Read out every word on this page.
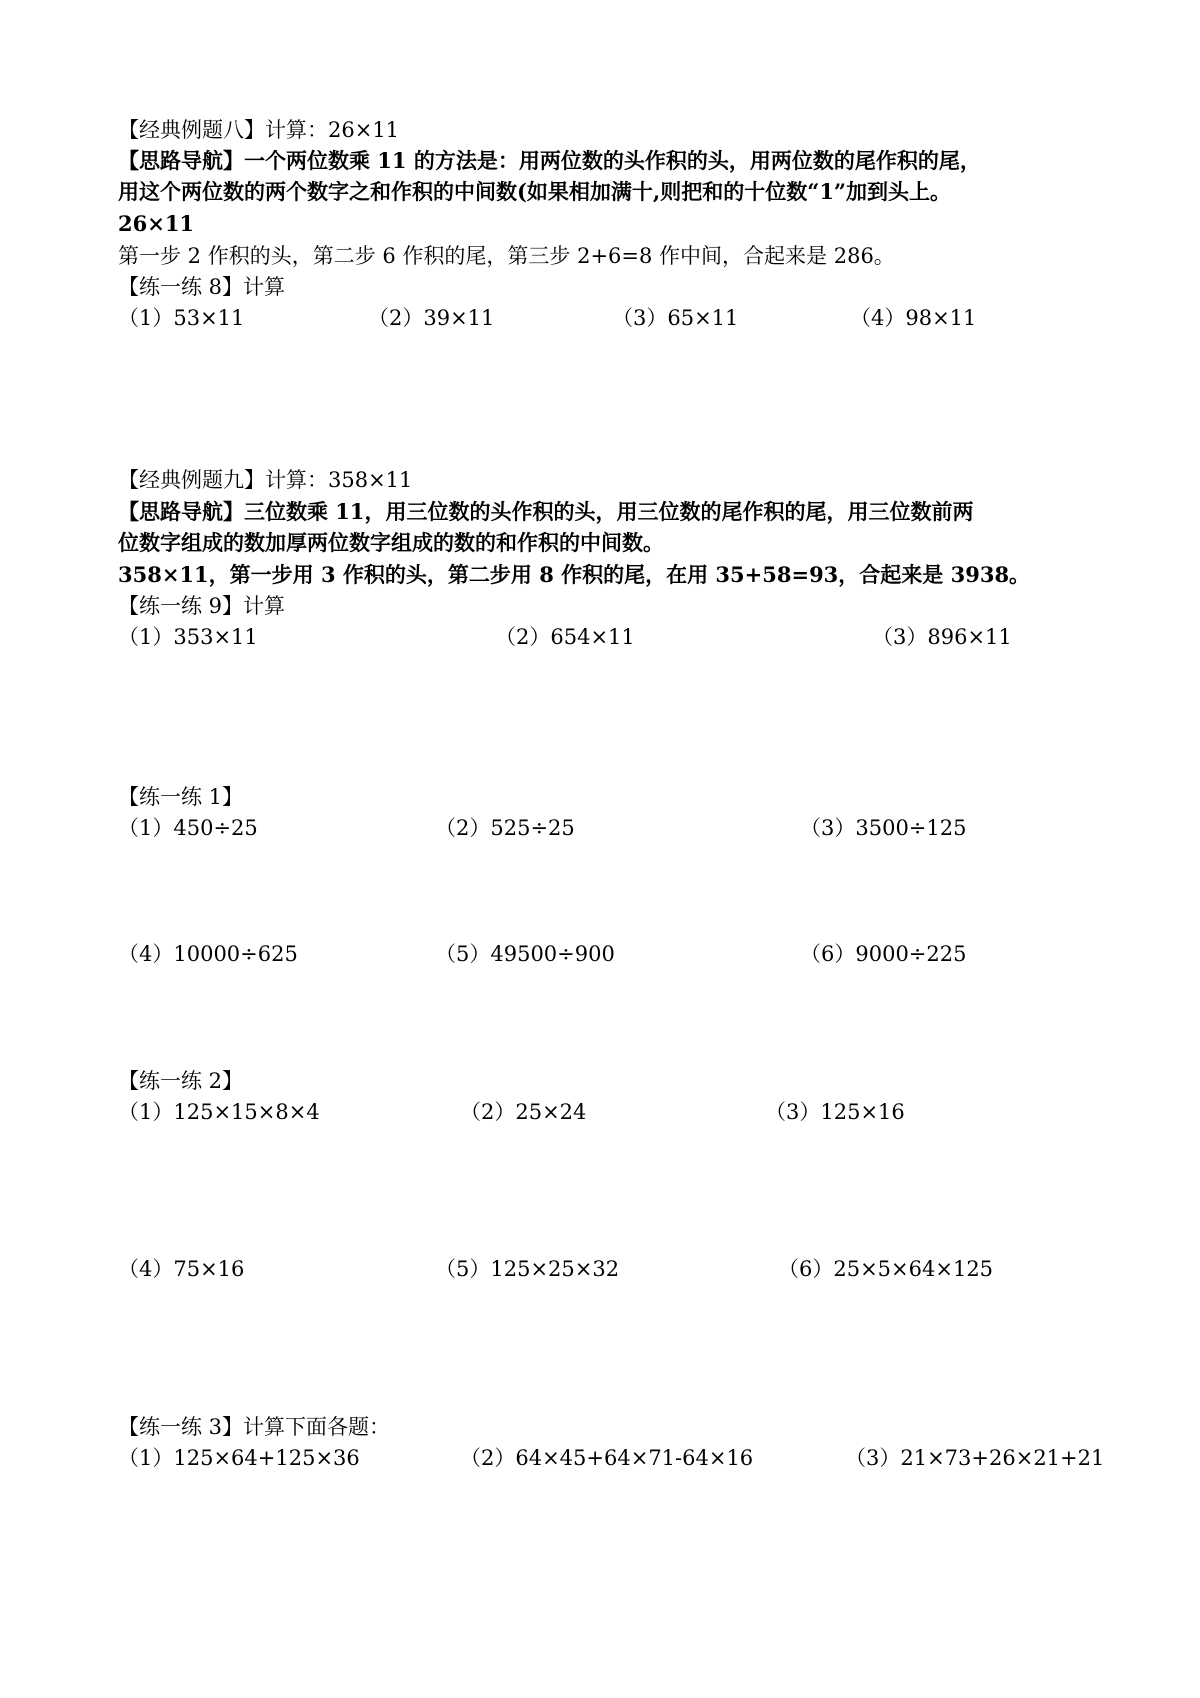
【经典例题八】计算：26×11
【思路导航】一个两位数乘 11 的方法是：用两位数的头作积的头，用两位数的尾作积的尾，
用这个两位数的两个数字之和作积的中间数(如果相加满十,则把和的十位数“1”加到头上。
26×11
第一步 2 作积的头，第二步 6 作积的尾，第三步 2+6=8 作中间，合起来是 286。
【练一练 8】计算
（1）53×11	（2）39×11	（3）65×11	（4）98×11
【经典例题九】计算：358×11
【思路导航】三位数乘 11，用三位数的头作积的头，用三位数的尾作积的尾，用三位数前两
位数字组成的数加厚两位数字组成的数的和作积的中间数。
358×11，第一步用 3 作积的头，第二步用 8 作积的尾，在用 35+58=93，合起来是 3938。
【练一练 9】计算
（1）353×11	（2）654×11	（3）896×11
【练一练 1】
（1）450÷25	（2）525÷25	（3）3500÷125
（4）10000÷625	（5）49500÷900	（6）9000÷225
【练一练 2】
（1）125×15×8×4	（2）25×24	（3）125×16
（4）75×16	（5）125×25×32	（6）25×5×64×125
【练一练 3】计算下面各题：
（1）125×64+125×36	（2）64×45+64×71-64×16	（3）21×73+26×21+21
